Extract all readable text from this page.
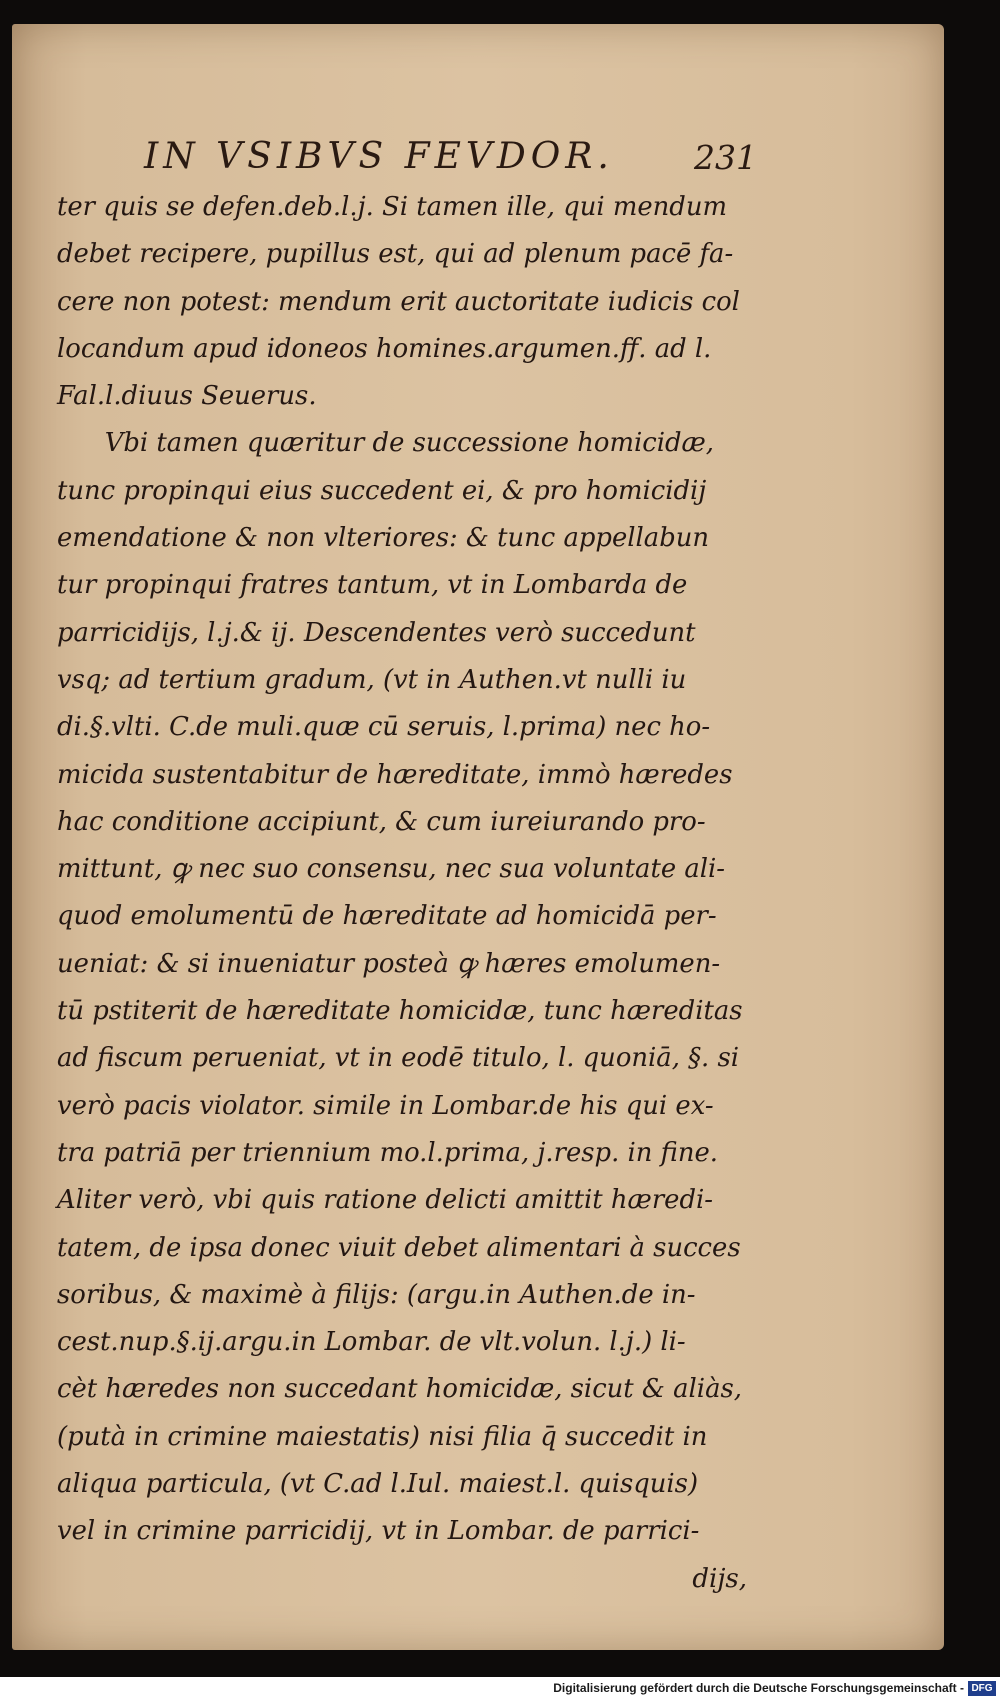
IN VSIBVS FEVDOR. 231
ter quis se defen.deb.l.j. Si tamen ille, qui mendum
debet recipere, pupillus est, qui ad plenum pacē fa-
cere non potest: mendum erit auctoritate iudicis col
locandum apud idoneos homines.argumen.ff. ad l.
Fal.l.diuus Seuerus.
Vbi tamen quæritur de successione homicidæ,
tunc propinqui eius succedent ei, & pro homicidij
emendatione & non vlteriores: & tunc appellabun
tur propinqui fratres tantum, vt in Lombarda de
parricidijs, l.j.& ij. Descendentes verò succedunt
vsq; ad tertium gradum, (vt in Authen.vt nulli iu
di.§.vlti. C.de muli.quæ cū seruis, l.prima) nec ho-
micida sustentabitur de hæreditate, immò hæredes
hac conditione accipiunt, & cum iureiurando pro-
mittunt, ꝙ nec suo consensu, nec sua voluntate ali-
quod emolumentū de hæreditate ad homicidā per-
ueniat: & si inueniatur posteà ꝙ hæres emolumen-
tū pstiterit de hæreditate homicidæ, tunc hæreditas
ad fiscum perueniat, vt in eodē titulo, l. quoniā, §. si
verò pacis violator. simile in Lombar.de his qui ex-
tra patriā per triennium mo.l.prima, j.resp. in fine.
Aliter verò, vbi quis ratione delicti amittit hæredi-
tatem, de ipsa donec viuit debet alimentari à succes
soribus, & maximè à filijs: (argu.in Authen.de in-
cest.nup.§.ij.argu.in Lombar. de vlt.volun. l.j.) li-
cèt hæredes non succedant homicidæ, sicut & aliàs,
(putà in crimine maiestatis) nisi filia q̄ succedit in
aliqua particula, (vt C.ad l.Iul. maiest.l. quisquis)
vel in crimine parricidij, vt in Lombar. de parrici-
dijs,
Digitalisierung gefördert durch die Deutsche Forschungsgemeinschaft - DFG
